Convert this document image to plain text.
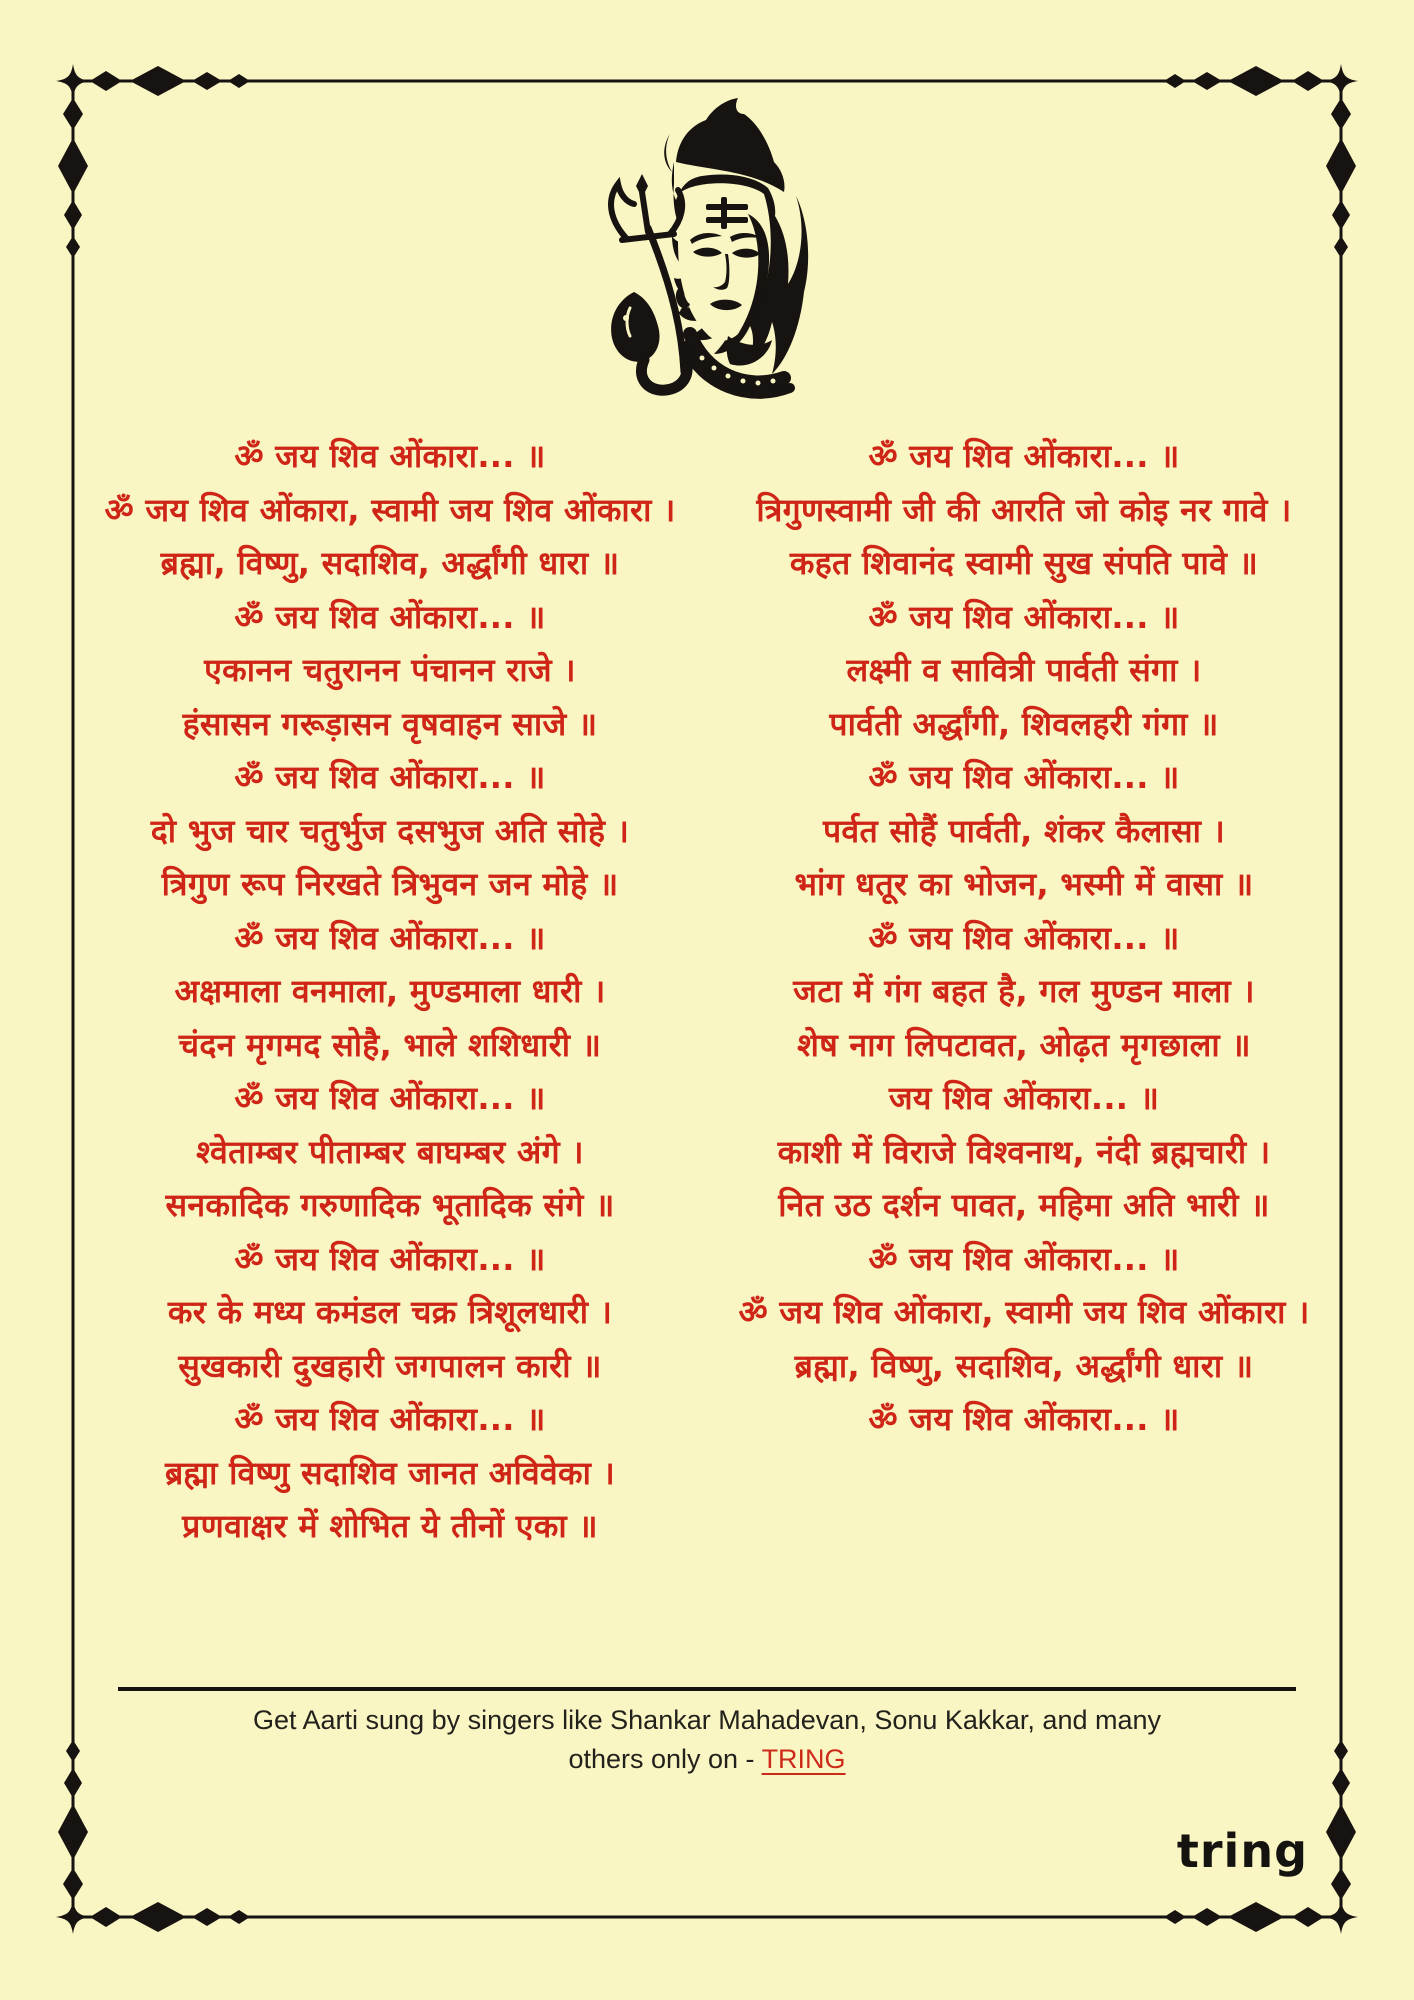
ॐ जय शिव ओंकारा... ॥
ॐ जय शिव ओंकारा, स्वामी जय शिव ओंकारा ।
ब्रह्मा, विष्णु, सदाशिव, अर्द्धांगी धारा ॥
ॐ जय शिव ओंकारा... ॥
एकानन चतुरानन पंचानन राजे ।
हंसासन गरूड़ासन वृषवाहन साजे ॥
ॐ जय शिव ओंकारा... ॥
दो भुज चार चतुर्भुज दसभुज अति सोहे ।
त्रिगुण रूप निरखते त्रिभुवन जन मोहे ॥
ॐ जय शिव ओंकारा... ॥
अक्षमाला वनमाला, मुण्डमाला धारी ।
चंदन मृगमद सोहै, भाले शशिधारी ॥
ॐ जय शिव ओंकारा... ॥
श्वेताम्बर पीताम्बर बाघम्बर अंगे ।
सनकादिक गरुणादिक भूतादिक संगे ॥
ॐ जय शिव ओंकारा... ॥
कर के मध्य कमंडल चक्र त्रिशूलधारी ।
सुखकारी दुखहारी जगपालन कारी ॥
ॐ जय शिव ओंकारा... ॥
ब्रह्मा विष्णु सदाशिव जानत अविवेका ।
प्रणवाक्षर में शोभित ये तीनों एका ॥
ॐ जय शिव ओंकारा... ॥
त्रिगुणस्वामी जी की आरति जो कोइ नर गावे ।
कहत शिवानंद स्वामी सुख संपति पावे ॥
ॐ जय शिव ओंकारा... ॥
लक्ष्मी व सावित्री पार्वती संगा ।
पार्वती अर्द्धांगी, शिवलहरी गंगा ॥
ॐ जय शिव ओंकारा... ॥
पर्वत सोहैं पार्वती, शंकर कैलासा ।
भांग धतूर का भोजन, भस्मी में वासा ॥
ॐ जय शिव ओंकारा... ॥
जटा में गंग बहत है, गल मुण्डन माला ।
शेष नाग लिपटावत, ओढ़त मृगछाला ॥
जय शिव ओंकारा... ॥
काशी में विराजे विश्वनाथ, नंदी ब्रह्मचारी ।
नित उठ दर्शन पावत, महिमा अति भारी ॥
ॐ जय शिव ओंकारा... ॥
ॐ जय शिव ओंकारा, स्वामी जय शिव ओंकारा ।
ब्रह्मा, विष्णु, सदाशिव, अर्द्धांगी धारा ॥
ॐ जय शिव ओंकारा... ॥
Get Aarti sung by singers like Shankar Mahadevan, Sonu Kakkar, and many
others only on - TRING
tring
